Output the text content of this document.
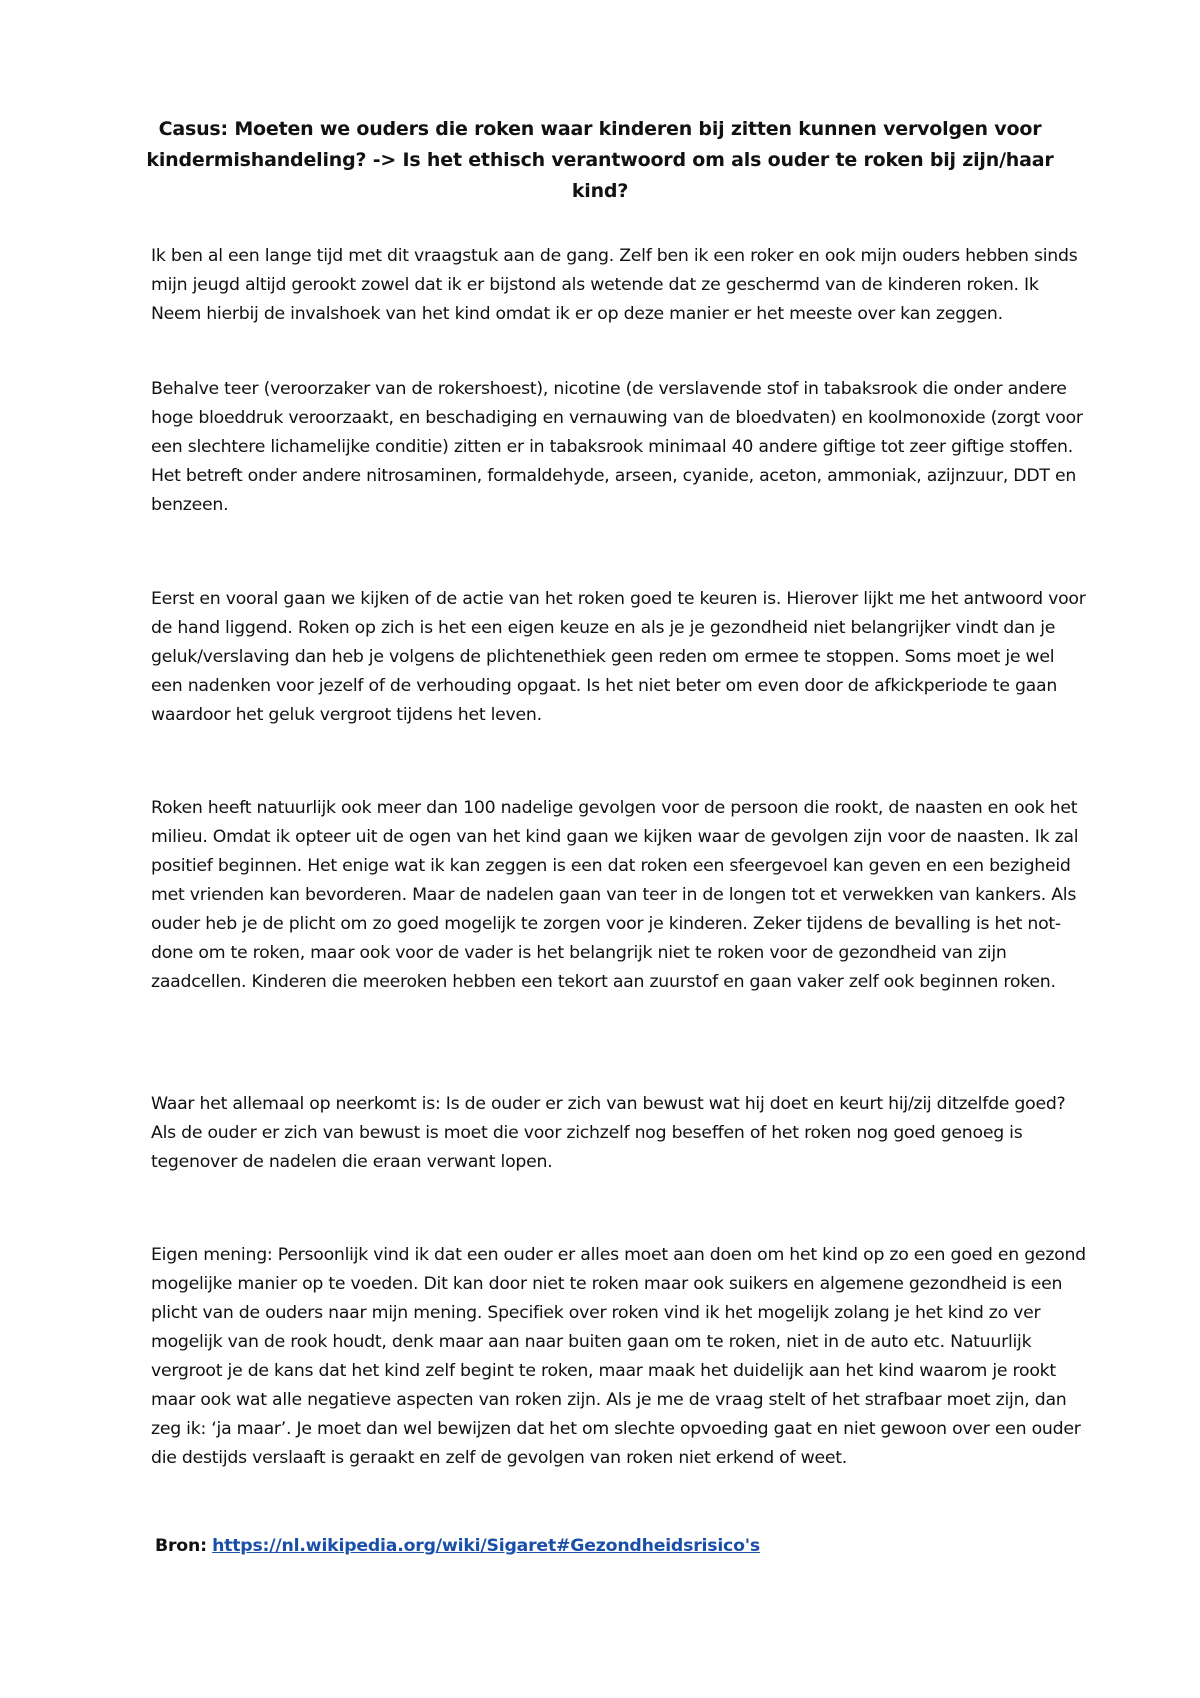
Casus: Moeten we ouders die roken waar kinderen bij zitten kunnen vervolgen voor kindermishandeling? -> Is het ethisch verantwoord om als ouder te roken bij zijn/haar kind?

Ik ben al een lange tijd met dit vraagstuk aan de gang. Zelf ben ik een roker en ook mijn ouders hebben sinds mijn jeugd altijd gerookt zowel dat ik er bijstond als wetende dat ze geschermd van de kinderen roken. Ik Neem hierbij de invalshoek van het kind omdat ik er op deze manier er het meeste over kan zeggen.

Behalve teer (veroorzaker van de rokershoest), nicotine (de verslavende stof in tabaksrook die onder andere hoge bloeddruk veroorzaakt, en beschadiging en vernauwing van de bloedvaten) en koolmonoxide (zorgt voor een slechtere lichamelijke conditie) zitten er in tabaksrook minimaal 40 andere giftige tot zeer giftige stoffen. Het betreft onder andere nitrosaminen, formaldehyde, arseen, cyanide, aceton, ammoniak, azijnzuur, DDT en benzeen.

Eerst en vooral gaan we kijken of de actie van het roken goed te keuren is. Hierover lijkt me het antwoord voor de hand liggend. Roken op zich is het een eigen keuze en als je je gezondheid niet belangrijker vindt dan je geluk/verslaving dan heb je volgens de plichtenethiek geen reden om ermee te stoppen. Soms moet je wel een nadenken voor jezelf of de verhouding opgaat. Is het niet beter om even door de afkickperiode te gaan waardoor het geluk vergroot tijdens het leven.

Roken heeft natuurlijk ook meer dan 100 nadelige gevolgen voor de persoon die rookt, de naasten en ook het milieu. Omdat ik opteer uit de ogen van het kind gaan we kijken waar de gevolgen zijn voor de naasten. Ik zal positief beginnen. Het enige wat ik kan zeggen is een dat roken een sfeergevoel kan geven en een bezigheid met vrienden kan bevorderen. Maar de nadelen gaan van teer in de longen tot et verwekken van kankers. Als ouder heb je de plicht om zo goed mogelijk te zorgen voor je kinderen. Zeker tijdens de bevalling is het not-done om te roken, maar ook voor de vader is het belangrijk niet te roken voor de gezondheid van zijn zaadcellen. Kinderen die meeroken hebben een tekort aan zuurstof en gaan vaker zelf ook beginnen roken.

Waar het allemaal op neerkomt is: Is de ouder er zich van bewust wat hij doet en keurt hij/zij ditzelfde goed? Als de ouder er zich van bewust is moet die voor zichzelf nog beseffen of het roken nog goed genoeg is tegenover de nadelen die eraan verwant lopen.

Eigen mening: Persoonlijk vind ik dat een ouder er alles moet aan doen om het kind op zo een goed en gezond mogelijke manier op te voeden. Dit kan door niet te roken maar ook suikers en algemene gezondheid is een plicht van de ouders naar mijn mening. Specifiek over roken vind ik het mogelijk zolang je het kind zo ver mogelijk van de rook houdt, denk maar aan naar buiten gaan om te roken, niet in de auto etc. Natuurlijk vergroot je de kans dat het kind zelf begint te roken, maar maak het duidelijk aan het kind waarom je rookt maar ook wat alle negatieve aspecten van roken zijn. Als je me de vraag stelt of het strafbaar moet zijn, dan zeg ik: ‘ja maar’. Je moet dan wel bewijzen dat het om slechte opvoeding gaat en niet gewoon over een ouder die destijds verslaaft is geraakt en zelf de gevolgen van roken niet erkend of weet.

Bron: https://nl.wikipedia.org/wiki/Sigaret#Gezondheidsrisico's
